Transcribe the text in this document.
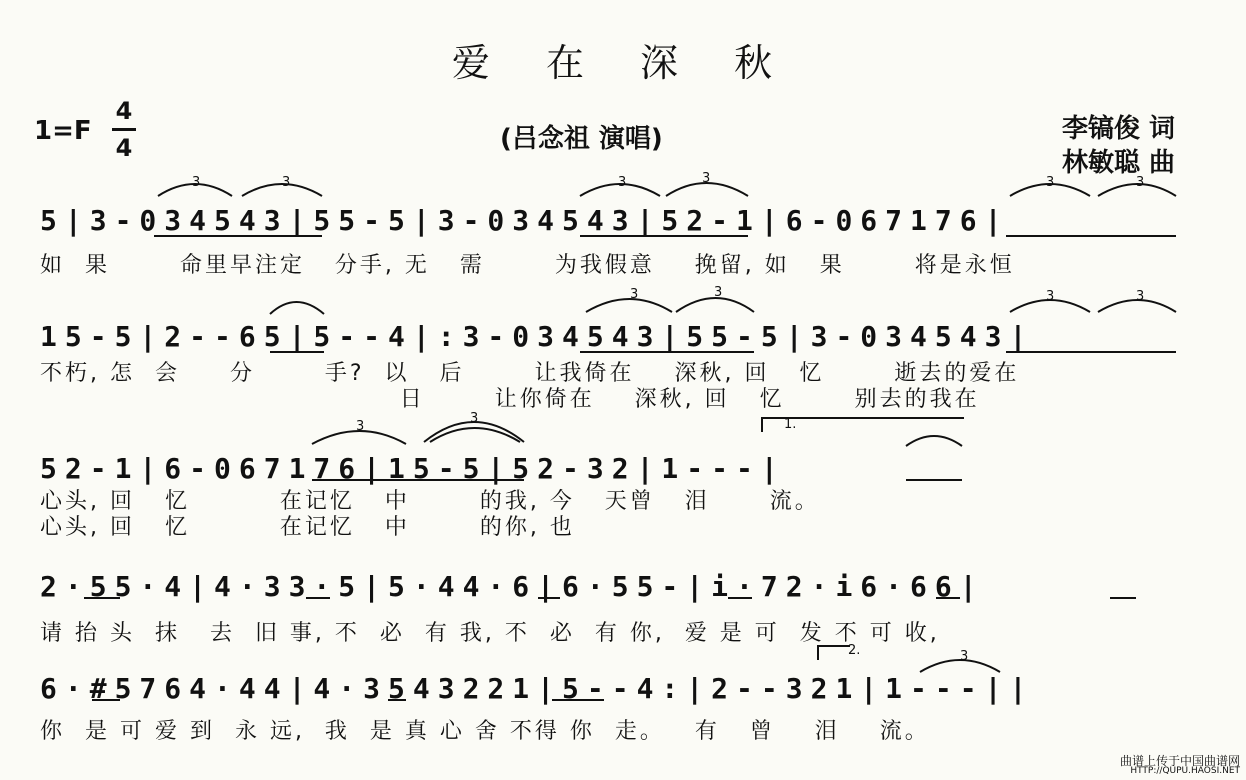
爱 在 深 秋
1=F
4
4	(吕念祖 演唱)	李镐俊 词
林敏聪 曲
5|3-034543|55-5|3-034543|52-1|6-067176|
如  果       命里早注定   分手, 无   需       为我假意    挽留, 如   果       将是永恒
15-5|2--65|5--4|:3-034543|55-5|3-034543|
不朽, 怎  会     分       手?  以   后       让我倚在    深秋, 回   忆       逝去的爱在
日       让你倚在    深秋, 回   忆       别去的我在
52-1|6-067176|15-5|52-32|1---|
心头, 回   忆         在记忆   中       的我, 今   天曾   泪      流。
心头, 回   忆         在记忆   中       的你, 也
2·55·4|4·33·5|5·44·6|6·55-|i·72·i6·66|
请 抬 头  抹   去  旧 事, 不  必  有 我, 不  必  有 你,  爱 是 可  发 不 可 收,
6·#5764·44|4·3543221|5--4:|2--321|1---||
你  是 可 爱 到  永 远,  我  是 真 心 舍 不得 你  走。   有   曾    泪    流。
3	3	3	3	3	3
3	3	3	3
3
3
3
1.
2.
曲谱上传于中国曲谱网
HTTP://QUPU.HAOSI.NET
